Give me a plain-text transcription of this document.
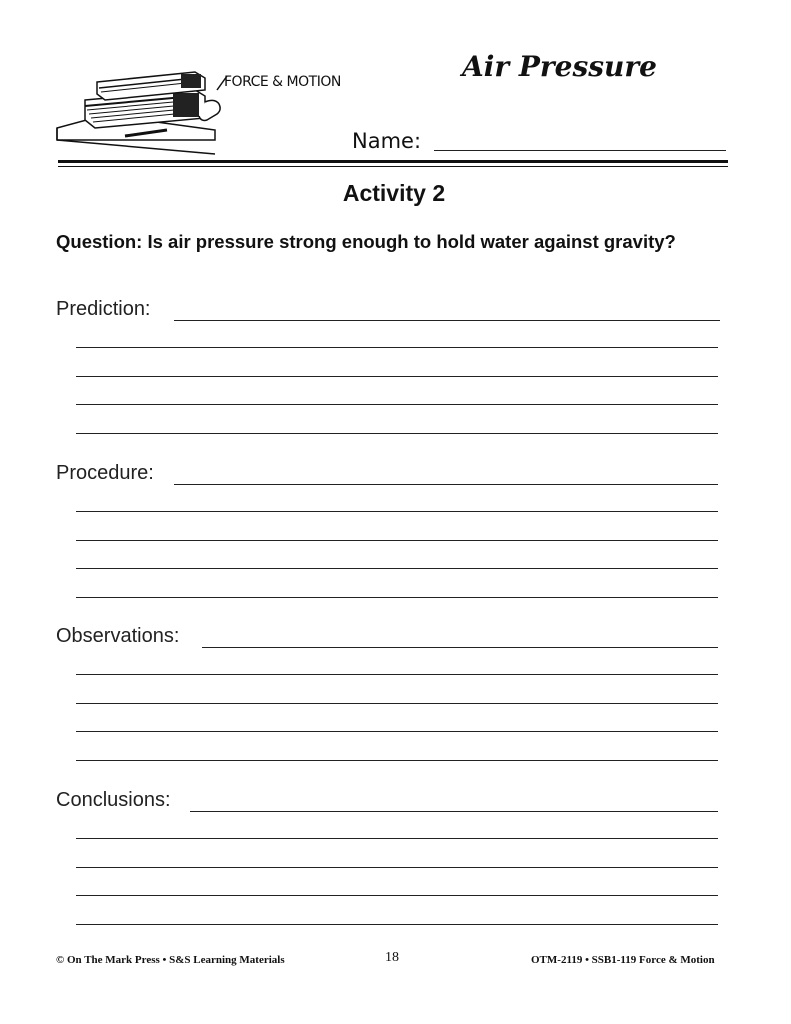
FORCE & MOTION	Air Pressure
Name:
Activity 2
Question: Is air pressure strong enough to hold water against gravity?
Prediction:
Procedure:
Observations:
Conclusions:
© On The Mark Press • S&S Learning Materials	18	OTM-2119 • SSB1-119 Force & Motion
